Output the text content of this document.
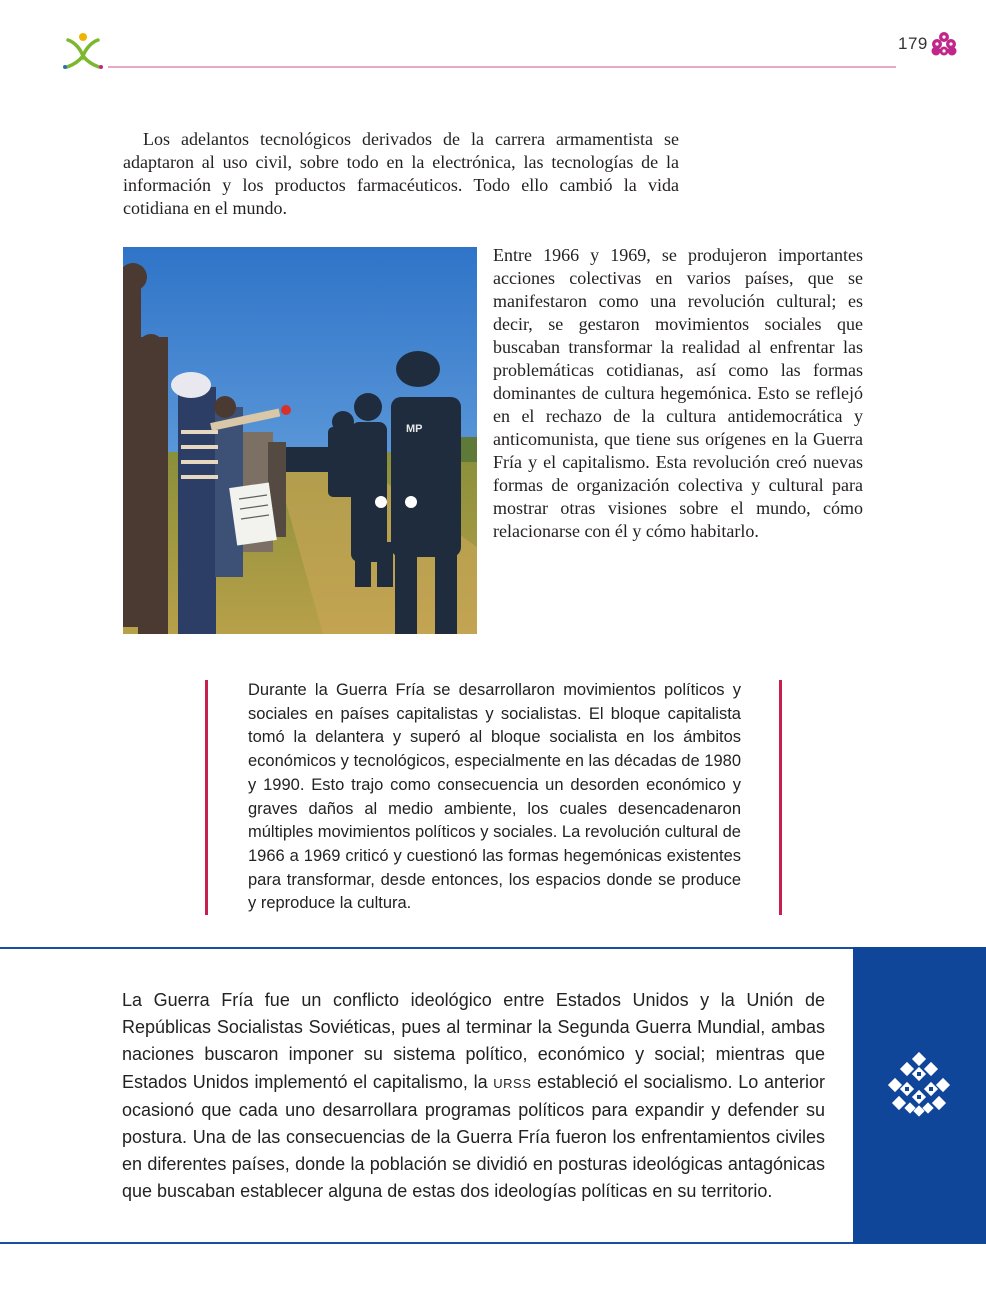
179

Los adelantos tecnológicos derivados de la carrera armamentista se adaptaron al uso civil, sobre todo en la electrónica, las tecnologías de la información y los productos farmacéuticos. Todo ello cambió la vida cotidiana en el mundo.

MP

Entre 1966 y 1969, se produjeron importantes acciones colectivas en varios países, que se manifestaron como una revolución cultural; es decir, se gestaron movimientos sociales que buscaban transformar la realidad al enfrentar las problemáticas cotidianas, así como las formas dominantes de cultura hegemónica. Esto se reflejó en el rechazo de la cultura antidemocrática y anticomunista, que tiene sus orígenes en la Guerra Fría y el capitalismo. Esta revolución creó nuevas formas de organización colectiva y cultural para mostrar otras visiones sobre el mundo, cómo relacionarse con él y cómo habitarlo.

Durante la Guerra Fría se desarrollaron movimientos políticos y sociales en países capitalistas y socialistas. El bloque capitalista tomó la delantera y superó al bloque socialista en los ámbitos económicos y tecnológicos, especialmente en las décadas de 1980 y 1990. Esto trajo como consecuencia un desorden económico y graves daños al medio ambiente, los cuales desencadenaron múltiples movimientos políticos y sociales. La revolución cultural de 1966 a 1969 criticó y cuestionó las formas hegemónicas existentes para transformar, desde entonces, los espacios donde se produce y reproduce la cultura.

La Guerra Fría fue un conflicto ideológico entre Estados Unidos y la Unión de Repúblicas Socialistas Soviéticas, pues al terminar la Segunda Guerra Mundial, ambas naciones buscaron imponer su sistema político, económico y social; mientras que Estados Unidos implementó el capitalismo, la URSS estableció el socialismo. Lo anterior ocasionó que cada uno desarrollara programas políticos para expandir y defender su postura. Una de las consecuencias de la Guerra Fría fueron los enfrentamientos civiles en diferentes países, donde la población se dividió en posturas ideológicas antagónicas que buscaban establecer alguna de estas dos ideologías políticas en su territorio.
